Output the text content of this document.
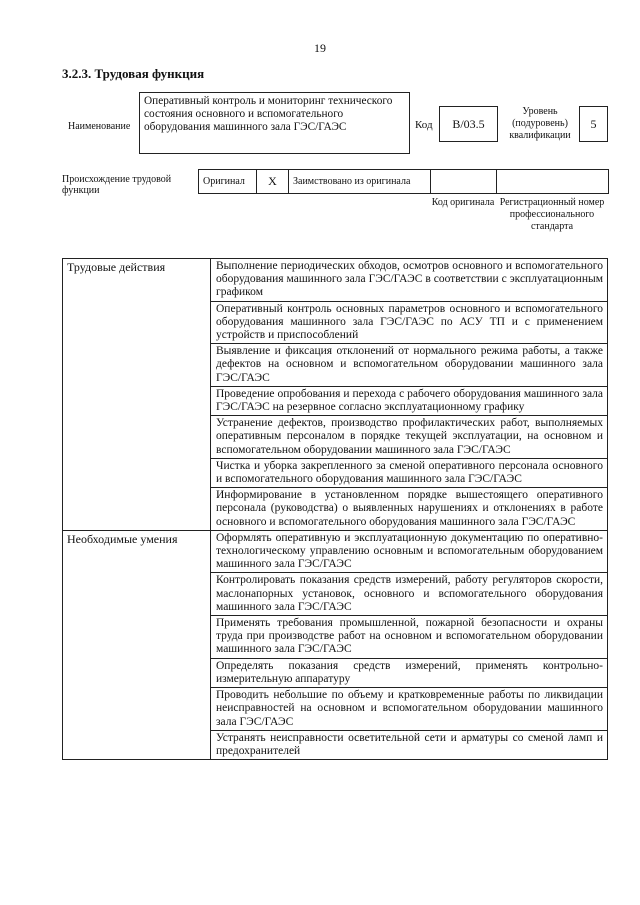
19
3.2.3. Трудовая функция
Наименование
Оперативный контроль и мониторинг технического состояния основного и вспомогательного оборудования машинного зала ГЭС/ГАЭС	Код	B/03.5
Уровень (подуровень) квалификации
5
Происхождение трудовой функции
Оригинал	X	Заимствовано из оригинала		
Код оригинала Регистрационный номер профессионального стандарта
Трудовые действия	Выполнение периодических обходов, осмотров основного и вспомогательного оборудования машинного зала ГЭС/ГАЭС в соответствии с эксплуатационным графиком
	Оперативный контроль основных параметров основного и вспомогательного оборудования машинного зала ГЭС/ГАЭС по АСУ ТП и с применением устройств и приспособлений
	Выявление и фиксация отклонений от нормального режима работы, а также дефектов на основном и вспомогательном оборудовании машинного зала ГЭС/ГАЭС
	Проведение опробования и перехода с рабочего оборудования машинного зала ГЭС/ГАЭС на резервное согласно эксплуатационному графику
	Устранение дефектов, производство профилактических работ, выполняемых оперативным персоналом в порядке текущей эксплуатации, на основном и вспомогательном оборудовании машинного зала ГЭС/ГАЭС
	Чистка и уборка закрепленного за сменой оперативного персонала основного и вспомогательного оборудования машинного зала ГЭС/ГАЭС
	Информирование в установленном порядке вышестоящего оперативного персонала (руководства) о выявленных нарушениях и отклонениях в работе основного и вспомогательного оборудования машинного зала ГЭС/ГАЭС
Необходимые умения	Оформлять оперативную и эксплуатационную документацию по оперативно-технологическому управлению основным и вспомогательным оборудованием машинного зала ГЭС/ГАЭС
	Контролировать показания средств измерений, работу регуляторов скорости, маслонапорных установок, основного и вспомогательного оборудования машинного зала ГЭС/ГАЭС
	Применять требования промышленной, пожарной безопасности и охраны труда при производстве работ на основном и вспомогательном оборудовании машинного зала ГЭС/ГАЭС
	Определять показания средств измерений, применять контрольно-измерительную аппаратуру
	Проводить небольшие по объему и кратковременные работы по ликвидации неисправностей на основном и вспомогательном оборудовании машинного зала ГЭС/ГАЭС
	Устранять неисправности осветительной сети и арматуры со сменой ламп и предохранителей
